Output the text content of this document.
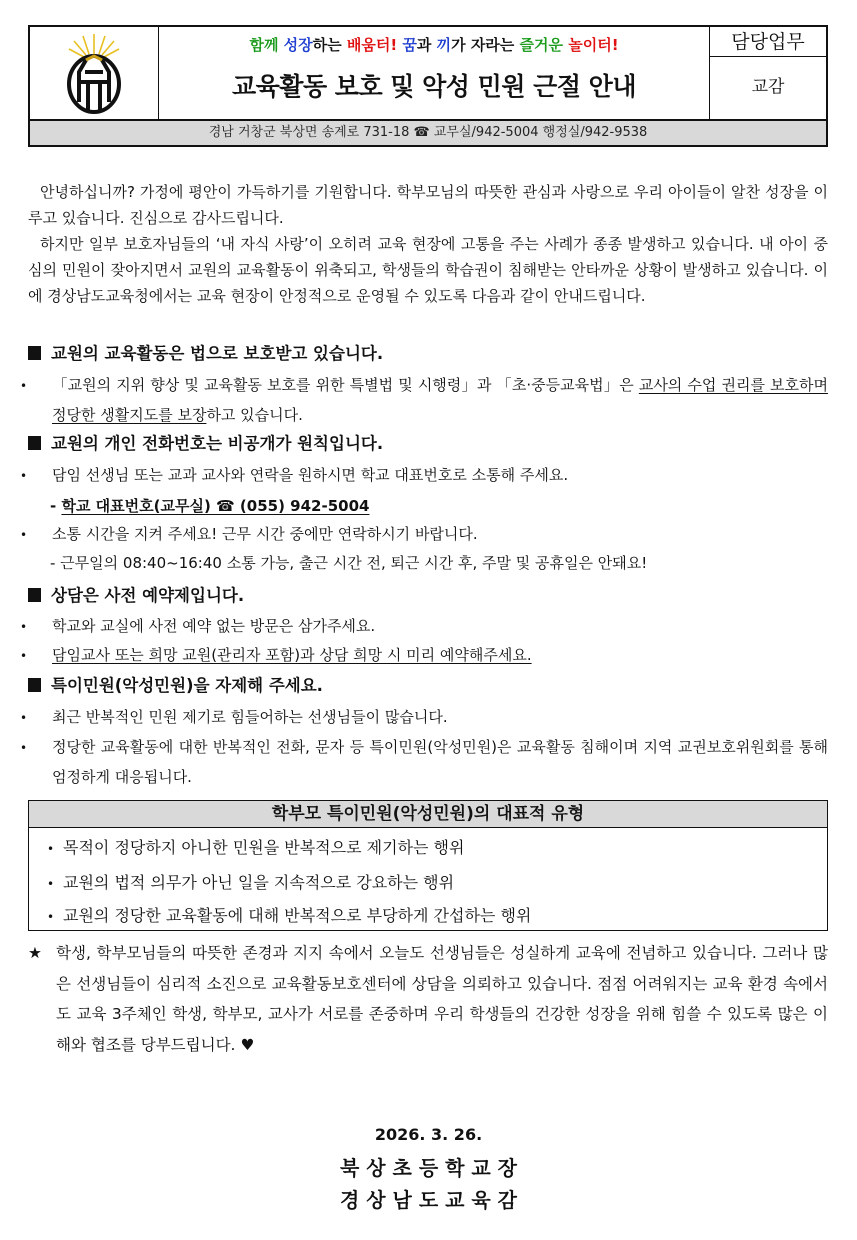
함께 성장하는 배움터! 꿈과 끼가 자라는 즐거운 놀이터!
교육활동 보호 및 악성 민원 근절 안내
담당업무
교감
경남 거창군 북상면 송계로 731-18 ☎ 교무실/942-5004 행정실/942-9538

안녕하십니까? 가정에 평안이 가득하기를 기원합니다. 학부모님의 따뜻한 관심과 사랑으로 우리 아이들이 알찬 성장을 이루고 있습니다. 진심으로 감사드립니다.

하지만 일부 보호자님들의 ‘내 자식 사랑’이 오히려 교육 현장에 고통을 주는 사례가 종종 발생하고 있습니다. 내 아이 중심의 민원이 잦아지면서 교원의 교육활동이 위축되고, 학생들의 학습권이 침해받는 안타까운 상황이 발생하고 있습니다. 이에 경상남도교육청에서는 교육 현장이 안정적으로 운영될 수 있도록 다음과 같이 안내드립니다.

교원의 교육활동은 법으로 보호받고 있습니다.

• 「교원의 지위 향상 및 교육활동 보호를 위한 특별법 및 시행령」과 「초·중등교육법」은 교사의 수업 권리를 보호하며 정당한 생활지도를 보장하고 있습니다.

교원의 개인 전화번호는 비공개가 원칙입니다.

• 담임 선생님 또는 교과 교사와 연락을 원하시면 학교 대표번호로 소통해 주세요.

- 학교 대표번호(교무실) ☎ (055) 942-5004

• 소통 시간을 지켜 주세요! 근무 시간 중에만 연락하시기 바랍니다.

- 근무일의 08:40~16:40 소통 가능, 출근 시간 전, 퇴근 시간 후, 주말 및 공휴일은 안돼요!

상담은 사전 예약제입니다.

• 학교와 교실에 사전 예약 없는 방문은 삼가주세요.

• 담임교사 또는 희망 교원(관리자 포함)과 상담 희망 시 미리 예약해주세요.

특이민원(악성민원)을 자제해 주세요.

• 최근 반복적인 민원 제기로 힘들어하는 선생님들이 많습니다.

• 정당한 교육활동에 대한 반복적인 전화, 문자 등 특이민원(악성민원)은 교육활동 침해이며 지역 교권보호위원회를 통해 엄정하게 대응됩니다.

학부모 특이민원(악성민원)의 대표적 유형

• 목적이 정당하지 아니한 민원을 반복적으로 제기하는 행위

• 교원의 법적 의무가 아닌 일을 지속적으로 강요하는 행위

• 교원의 정당한 교육활동에 대해 반복적으로 부당하게 간섭하는 행위

★ 학생, 학부모님들의 따뜻한 존경과 지지 속에서 오늘도 선생님들은 성실하게 교육에 전념하고 있습니다. 그러나 많은 선생님들이 심리적 소진으로 교육활동보호센터에 상담을 의뢰하고 있습니다. 점점 어려워지는 교육 환경 속에서도 교육 3주체인 학생, 학부모, 교사가 서로를 존중하며 우리 학생들의 건강한 성장을 위해 힘쓸 수 있도록 많은 이해와 협조를 당부드립니다. ♥

2026. 3. 26.
북 상 초 등 학 교 장
경 상 남 도 교 육 감
